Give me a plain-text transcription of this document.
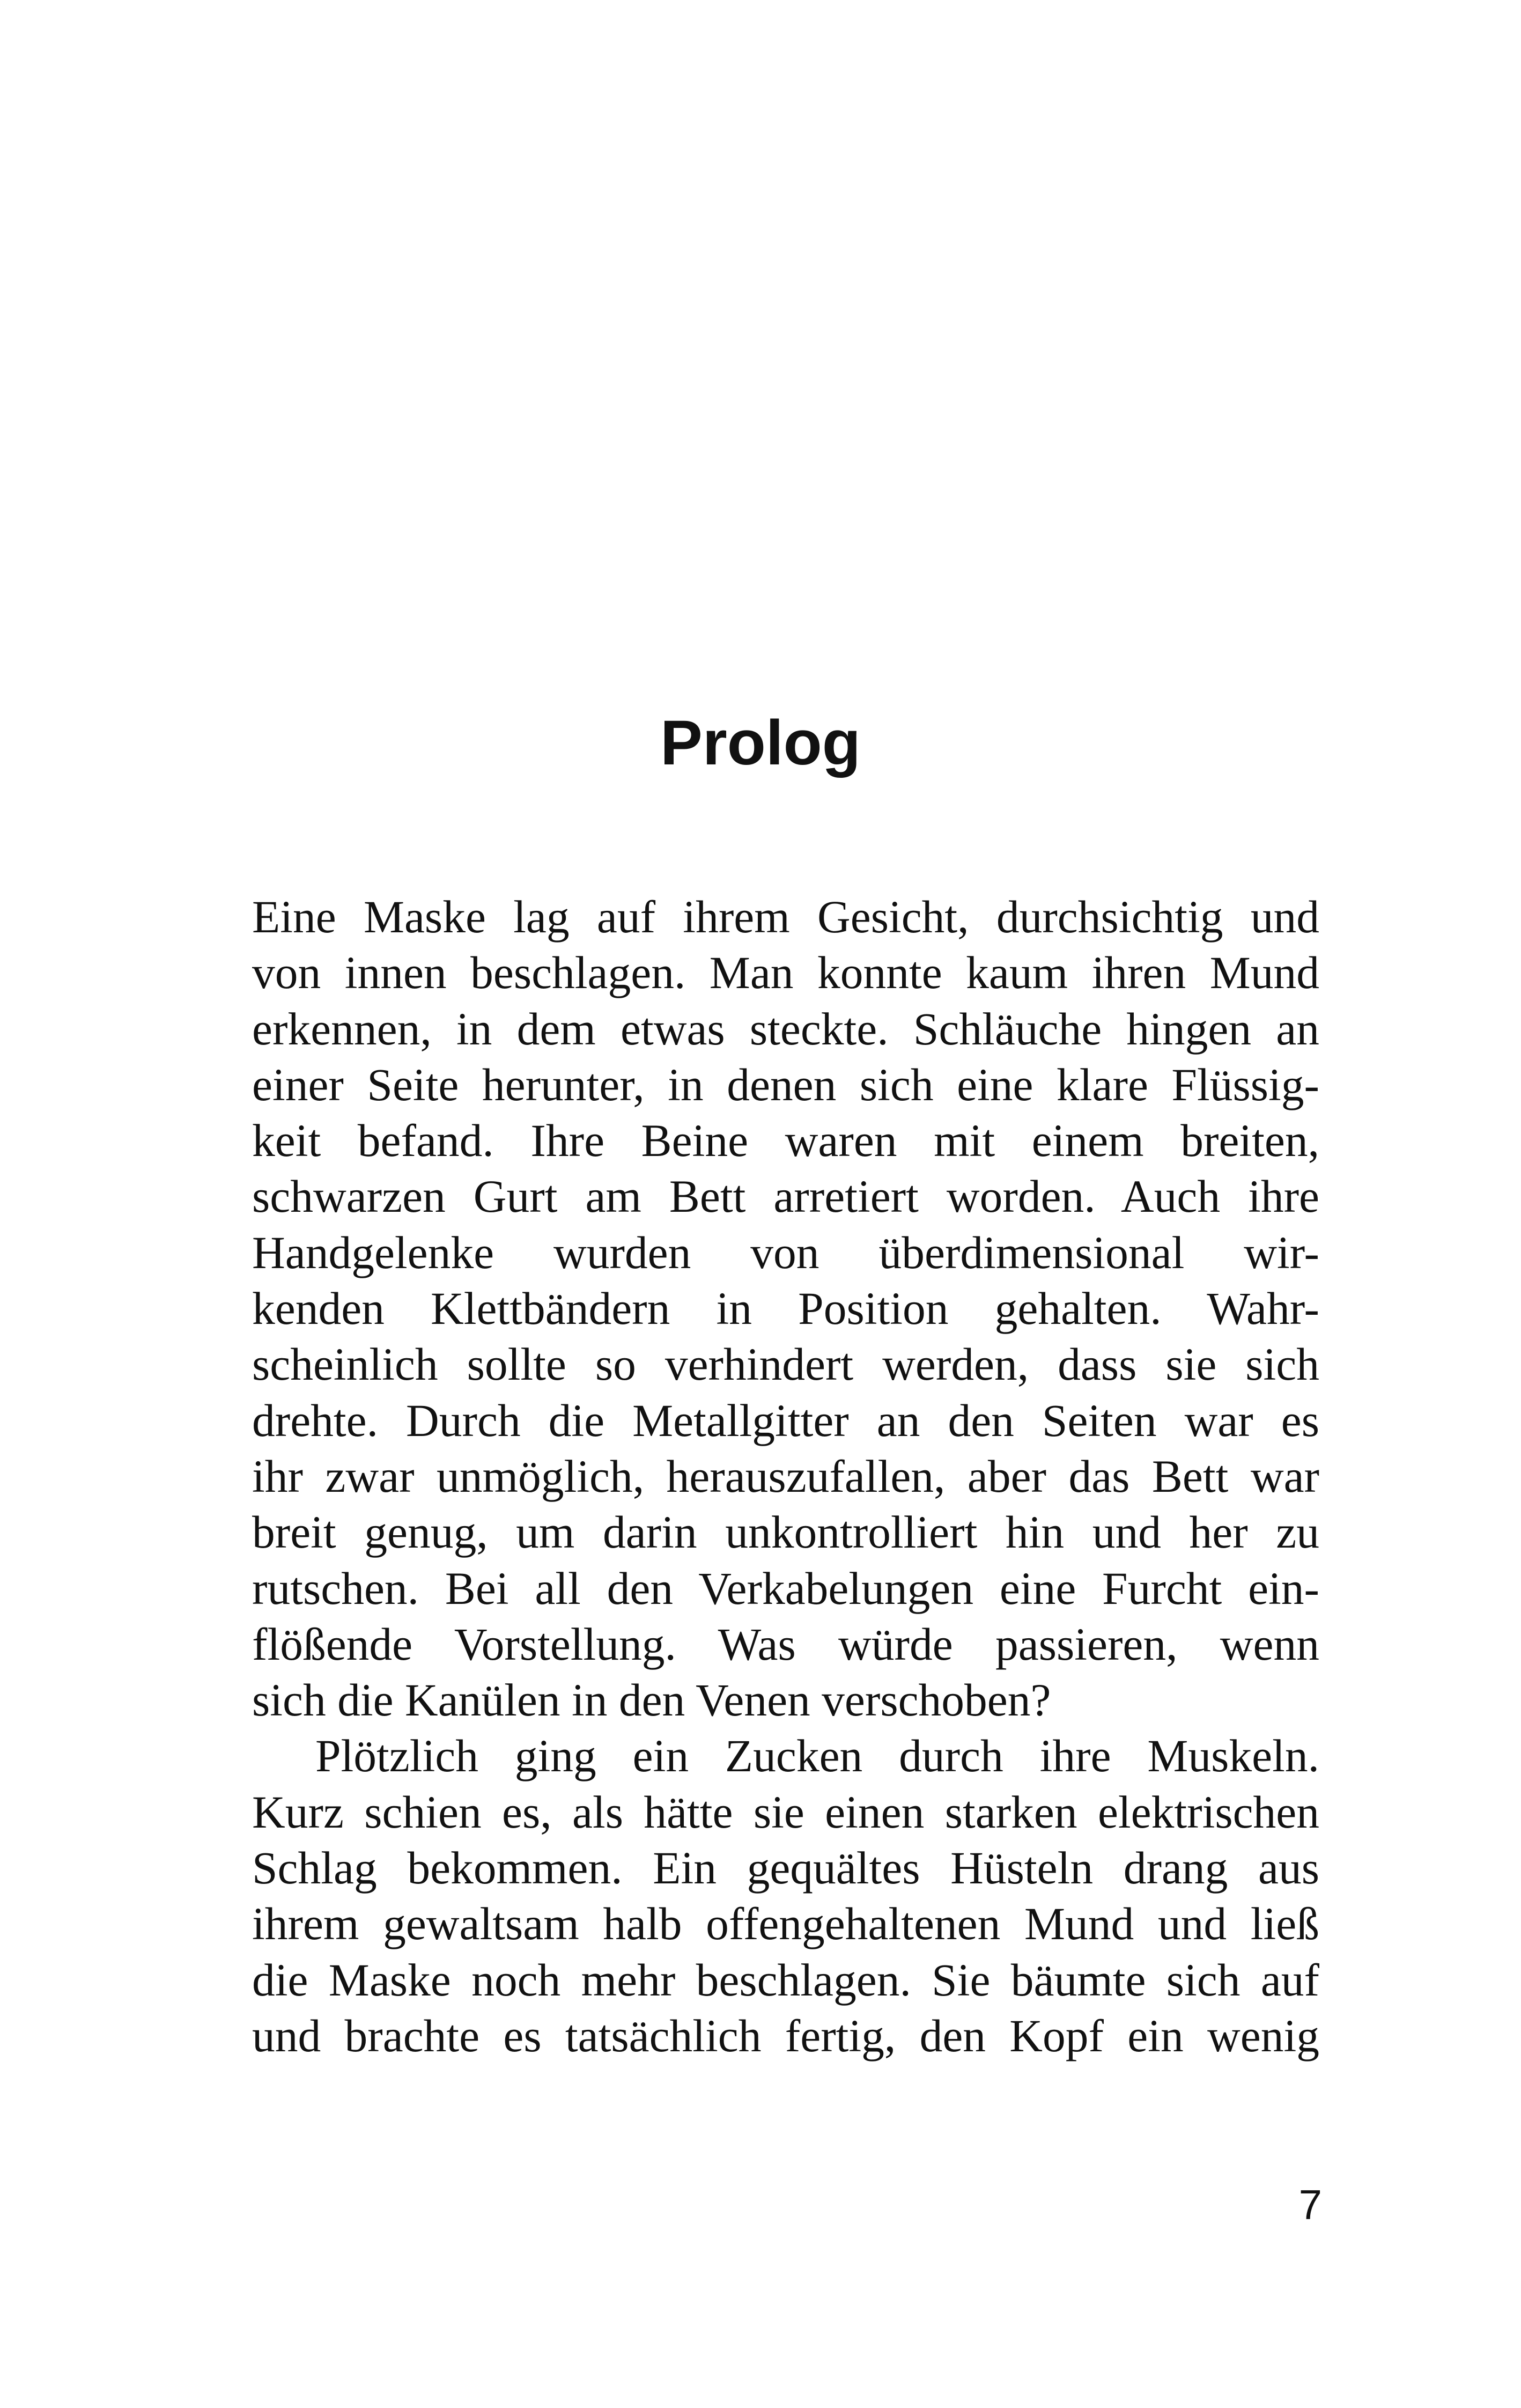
Prolog
Eine Maske lag auf ihrem Gesicht, durchsichtig und
von innen beschlagen. Man konnte kaum ihren Mund
erkennen, in dem etwas steckte. Schläuche hingen an
einer Seite herunter, in denen sich eine klare Flüssig-
keit befand. Ihre Beine waren mit einem breiten,
schwarzen Gurt am Bett arretiert worden. Auch ihre
Handgelenke wurden von überdimensional wir-
kenden Klettbändern in Position gehalten. Wahr-
scheinlich sollte so verhindert werden, dass sie sich
drehte. Durch die Metallgitter an den Seiten war es
ihr zwar unmöglich, herauszufallen, aber das Bett war
breit genug, um darin unkontrolliert hin und her zu
rutschen. Bei all den Verkabelungen eine Furcht ein-
flößende Vorstellung. Was würde passieren, wenn
sich die Kanülen in den Venen verschoben?
Plötzlich ging ein Zucken durch ihre Muskeln.
Kurz schien es, als hätte sie einen starken elektrischen
Schlag bekommen. Ein gequältes Hüsteln drang aus
ihrem gewaltsam halb offengehaltenen Mund und ließ
die Maske noch mehr beschlagen. Sie bäumte sich auf
und brachte es tatsächlich fertig, den Kopf ein wenig
7
